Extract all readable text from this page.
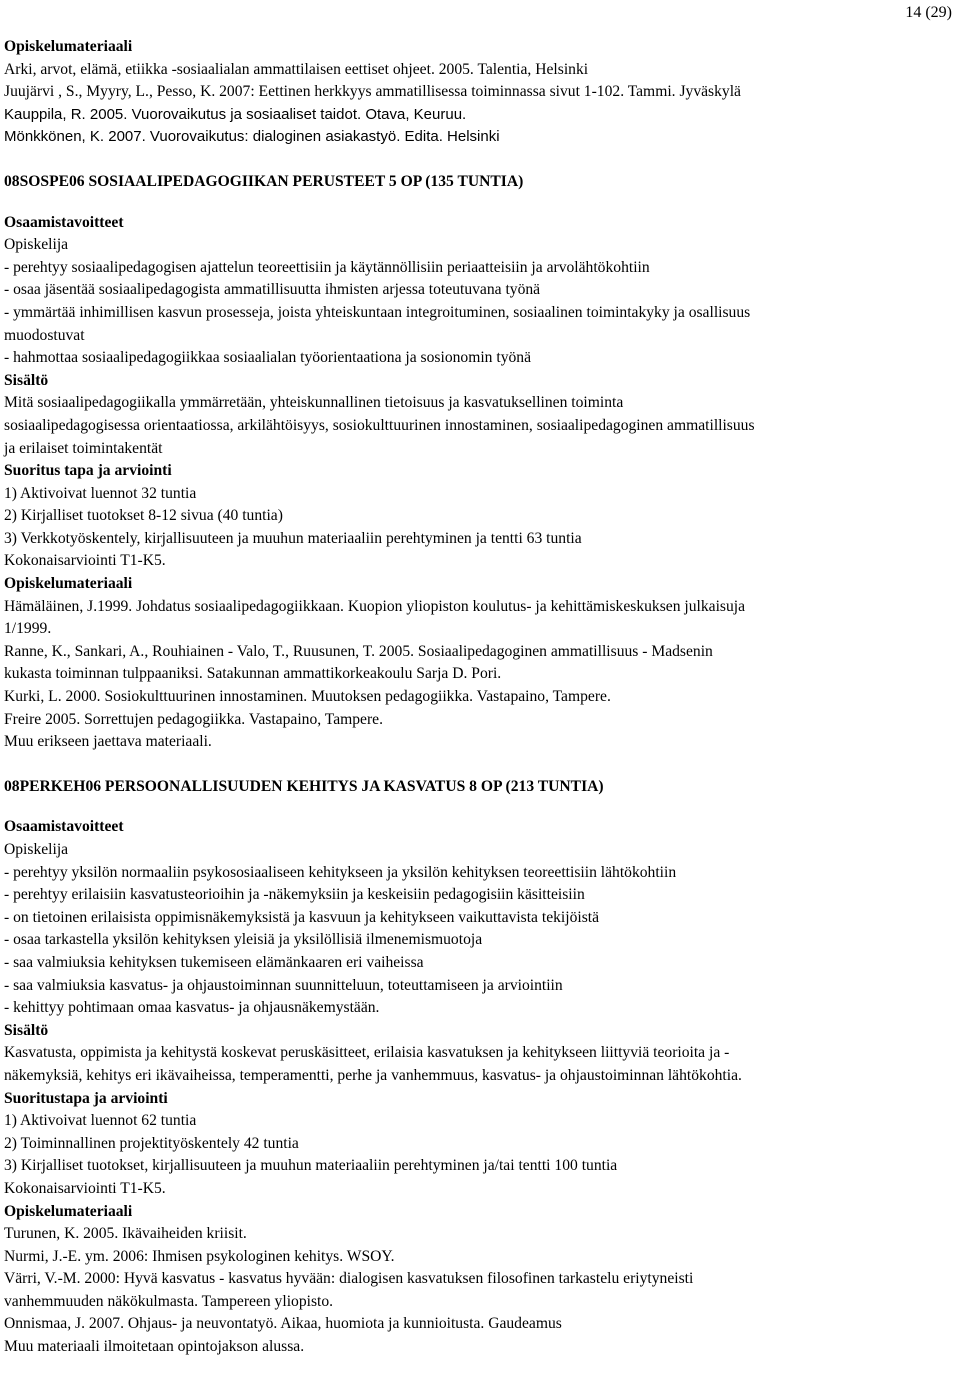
14 (29)
Opiskelumateriaali
Arki, arvot, elämä, etiikka -sosiaalialan ammattilaisen eettiset ohjeet. 2005. Talentia, Helsinki
Juujärvi , S., Myyry, L., Pesso, K. 2007: Eettinen herkkyys ammatillisessa toiminnassa sivut 1-102. Tammi. Jyväskylä
Kauppila, R. 2005. Vuorovaikutus ja sosiaaliset taidot. Otava, Keuruu.
Mönkkönen, K. 2007. Vuorovaikutus: dialoginen asiakastyö. Edita. Helsinki
08SOSPE06 SOSIAALIPEDAGOGIIKAN PERUSTEET 5 OP (135 TUNTIA)
Osaamistavoitteet
Opiskelija
- perehtyy sosiaalipedagogisen ajattelun teoreettisiin ja käytännöllisiin periaatteisiin ja arvolähtökohtiin
- osaa jäsentää sosiaalipedagogista ammatillisuutta ihmisten arjessa toteutuvana työnä
- ymmärtää inhimillisen kasvun prosesseja, joista yhteiskuntaan integroituminen, sosiaalinen toimintakyky ja osallisuus
muodostuvat
- hahmottaa sosiaalipedagogiikkaa sosiaalialan työorientaationa ja sosionomin työnä
Sisältö
Mitä sosiaalipedagogiikalla ymmärretään, yhteiskunnallinen tietoisuus ja kasvatuksellinen toiminta
sosiaalipedagogisessa orientaatiossa, arkilähtöisyys, sosiokulttuurinen innostaminen, sosiaalipedagoginen ammatillisuus
ja erilaiset toimintakentät
Suoritus tapa ja arviointi
1) Aktivoivat luennot 32 tuntia
2) Kirjalliset tuotokset 8-12 sivua (40 tuntia)
3) Verkkotyöskentely, kirjallisuuteen ja muuhun materiaaliin perehtyminen ja tentti 63 tuntia
Kokonaisarviointi T1-K5.
Opiskelumateriaali
Hämäläinen, J.1999. Johdatus sosiaalipedagogiikkaan. Kuopion yliopiston koulutus- ja kehittämiskeskuksen julkaisuja
1/1999.
Ranne, K., Sankari, A., Rouhiainen - Valo, T., Ruusunen, T. 2005. Sosiaalipedagoginen ammatillisuus - Madsenin
kukasta toiminnan tulppaaniksi. Satakunnan ammattikorkeakoulu Sarja D. Pori.
Kurki, L. 2000. Sosiokulttuurinen innostaminen. Muutoksen pedagogiikka. Vastapaino, Tampere.
Freire 2005. Sorrettujen pedagogiikka. Vastapaino, Tampere.
Muu erikseen jaettava materiaali.
08PERKEH06 PERSOONALLISUUDEN KEHITYS JA KASVATUS 8 OP (213 TUNTIA)
Osaamistavoitteet
Opiskelija
- perehtyy yksilön normaaliin psykososiaaliseen kehitykseen ja yksilön kehityksen teoreettisiin lähtökohtiin
- perehtyy erilaisiin kasvatusteorioihin ja -näkemyksiin ja keskeisiin pedagogisiin käsitteisiin
- on tietoinen erilaisista oppimisnäkemyksistä ja kasvuun ja kehitykseen vaikuttavista tekijöistä
- osaa tarkastella yksilön kehityksen yleisiä ja yksilöllisiä ilmenemismuotoja
- saa valmiuksia kehityksen tukemiseen elämänkaaren eri vaiheissa
- saa valmiuksia kasvatus- ja ohjaustoiminnan suunnitteluun, toteuttamiseen ja arviointiin
- kehittyy pohtimaan omaa kasvatus- ja ohjausnäkemystään.
Sisältö
Kasvatusta, oppimista ja kehitystä koskevat peruskäsitteet, erilaisia kasvatuksen ja kehitykseen liittyviä teorioita ja -
näkemyksiä, kehitys eri ikävaiheissa, temperamentti, perhe ja vanhemmuus, kasvatus- ja ohjaustoiminnan lähtökohtia.
Suoritustapa ja arviointi
1) Aktivoivat luennot 62 tuntia
2) Toiminnallinen projektityöskentely 42 tuntia
3) Kirjalliset tuotokset, kirjallisuuteen ja muuhun materiaaliin perehtyminen ja/tai tentti 100 tuntia
Kokonaisarviointi T1-K5.
Opiskelumateriaali
Turunen, K. 2005. Ikävaiheiden kriisit.
Nurmi, J.-E. ym. 2006: Ihmisen psykologinen kehitys. WSOY.
Värri, V.-M. 2000: Hyvä kasvatus - kasvatus hyvään: dialogisen kasvatuksen filosofinen tarkastelu eriytyneisti
vanhemmuuden näkökulmasta. Tampereen yliopisto.
Onnismaa, J. 2007. Ohjaus- ja neuvontatyö. Aikaa, huomiota ja kunnioitusta. Gaudeamus
Muu materiaali ilmoitetaan opintojakson alussa.
